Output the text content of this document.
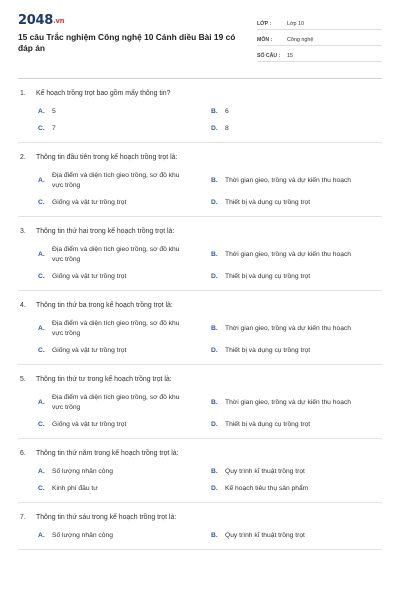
2048.vn
15 câu Trắc nghiệm Công nghệ 10 Cánh diều Bài 19 có đáp án
LỚP :	Lớp 10
MÔN :	Công nghệ
SỐ CÂU :	15
1.	Kế hoạch trồng trọt bao gồm mấy thông tin?
A.	5	B.	6
C.	7	D.	8
2.	Thông tin đầu tiên trong kế hoạch trồng trọt là:
A.
Địa điểm và diện tích gieo trồng, sơ đồ khu vực trồng
B.	Thời gian gieo, trồng và dự kiến thu hoạch
C.	Giống và vật tư trồng trọt	D.	Thiết bị và dụng cụ trồng trọt
3.	Thông tin thứ hai trong kế hoạch trồng trọt là:
A.
Địa điểm và diện tích gieo trồng, sơ đồ khu vực trồng
B.	Thời gian gieo, trồng và dự kiến thu hoạch
C.	Giống và vật tư trồng trọt	D.	Thiết bị và dụng cụ trồng trọt
4.	Thông tin thứ ba trong kế hoạch trồng trọt là:
A.
Địa điểm và diện tích gieo trồng, sơ đồ khu vực trồng
B.	Thời gian gieo, trồng và dự kiến thu hoạch
C.	Giống và vật tư trồng trọt	D.	Thiết bị và dụng cụ trồng trọt
5.	Thông tin thứ tư trong kế hoạch trồng trọt là:
A.
Địa điểm và diện tích gieo trồng, sơ đồ khu vực trồng
B.	Thời gian gieo, trồng và dự kiến thu hoạch
C.	Giống và vật tư trồng trọt	D.	Thiết bị và dụng cụ trồng trọt
6.	Thông tin thứ năm trong kế hoạch trồng trọt là:
A.	Số lượng nhân công	B.	Quy trình kĩ thuật trồng trọt
C.	Kinh phí đầu tư	D.	Kế hoạch tiêu thụ sản phẩm
7.	Thông tin thứ sáu trong kế hoạch trồng trọt là:
A.	Số lượng nhân công	B.	Quy trình kĩ thuật trồng trọt
